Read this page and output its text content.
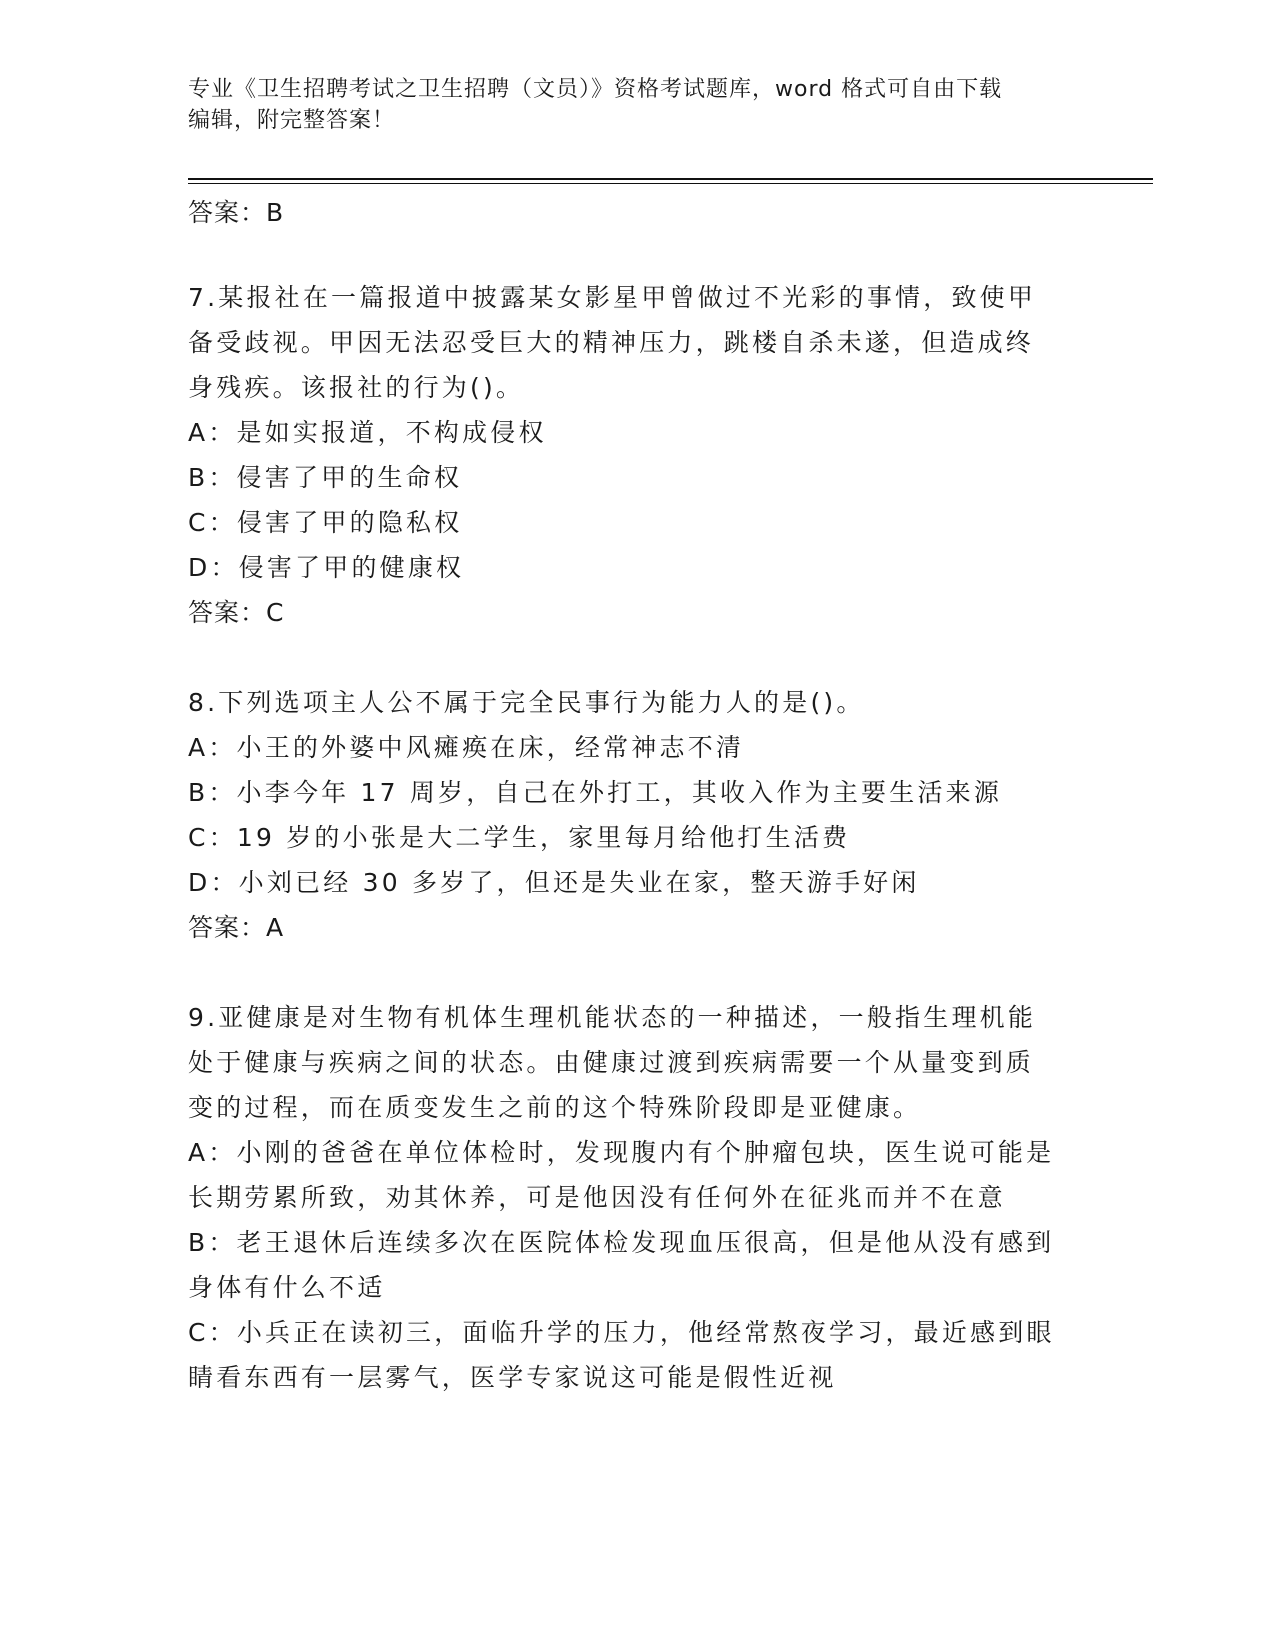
专业《卫生招聘考试之卫生招聘（文员）》资格考试题库，word 格式可自由下载
编辑，附完整答案！
答案：B
7.某报社在一篇报道中披露某女影星甲曾做过不光彩的事情，致使甲
备受歧视。甲因无法忍受巨大的精神压力，跳楼自杀未遂，但造成终
身残疾。该报社的行为()。
A：是如实报道，不构成侵权
B：侵害了甲的生命权
C：侵害了甲的隐私权
D：侵害了甲的健康权
答案：C
8.下列选项主人公不属于完全民事行为能力人的是()。
A：小王的外婆中风瘫痪在床，经常神志不清
B：小李今年 17 周岁，自己在外打工，其收入作为主要生活来源
C：19 岁的小张是大二学生，家里每月给他打生活费
D：小刘已经 30 多岁了，但还是失业在家，整天游手好闲
答案：A
9.亚健康是对生物有机体生理机能状态的一种描述，一般指生理机能
处于健康与疾病之间的状态。由健康过渡到疾病需要一个从量变到质
变的过程，而在质变发生之前的这个特殊阶段即是亚健康。
A：小刚的爸爸在单位体检时，发现腹内有个肿瘤包块，医生说可能是
长期劳累所致，劝其休养，可是他因没有任何外在征兆而并不在意
B：老王退休后连续多次在医院体检发现血压很高，但是他从没有感到
身体有什么不适
C：小兵正在读初三，面临升学的压力，他经常熬夜学习，最近感到眼
睛看东西有一层雾气，医学专家说这可能是假性近视
